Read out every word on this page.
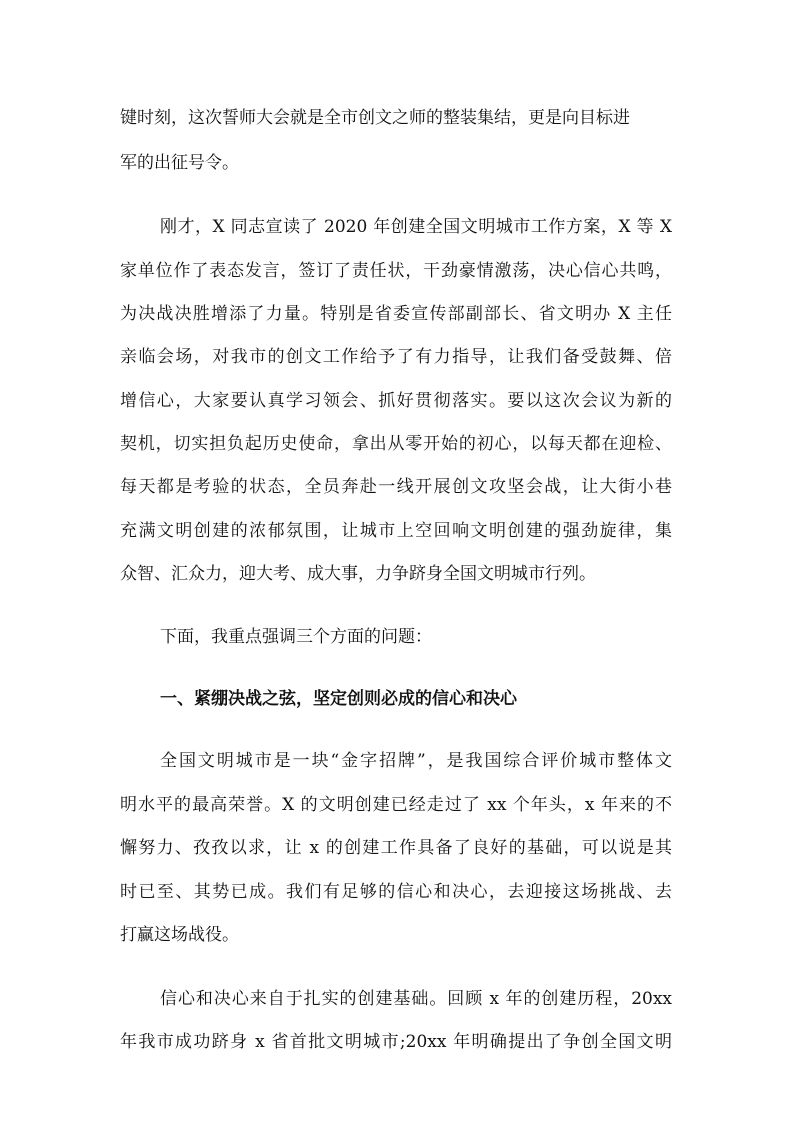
键时刻，这次誓师大会就是全市创文之师的整装集结，更是向目标进
军的出征号令。
刚才，X 同志宣读了 2020 年创建全国文明城市工作方案，X 等 X
家单位作了表态发言，签订了责任状，干劲豪情激荡，决心信心共鸣，
为决战决胜增添了力量。特别是省委宣传部副部长、省文明办 X 主任
亲临会场，对我市的创文工作给予了有力指导，让我们备受鼓舞、倍
增信心，大家要认真学习领会、抓好贯彻落实。要以这次会议为新的
契机，切实担负起历史使命，拿出从零开始的初心，以每天都在迎检、
每天都是考验的状态，全员奔赴一线开展创文攻坚会战，让大街小巷
充满文明创建的浓郁氛围，让城市上空回响文明创建的强劲旋律，集
众智、汇众力，迎大考、成大事，力争跻身全国文明城市行列。
下面，我重点强调三个方面的问题：
一、紧绷决战之弦，坚定创则必成的信心和决心
全国文明城市是一块“金字招牌”，是我国综合评价城市整体文
明水平的最高荣誉。X 的文明创建已经走过了 xx 个年头，x 年来的不
懈努力、孜孜以求，让 x 的创建工作具备了良好的基础，可以说是其
时已至、其势已成。我们有足够的信心和决心，去迎接这场挑战、去
打赢这场战役。
信心和决心来自于扎实的创建基础。回顾 x 年的创建历程，20xx
年我市成功跻身 x 省首批文明城市;20xx 年明确提出了争创全国文明
